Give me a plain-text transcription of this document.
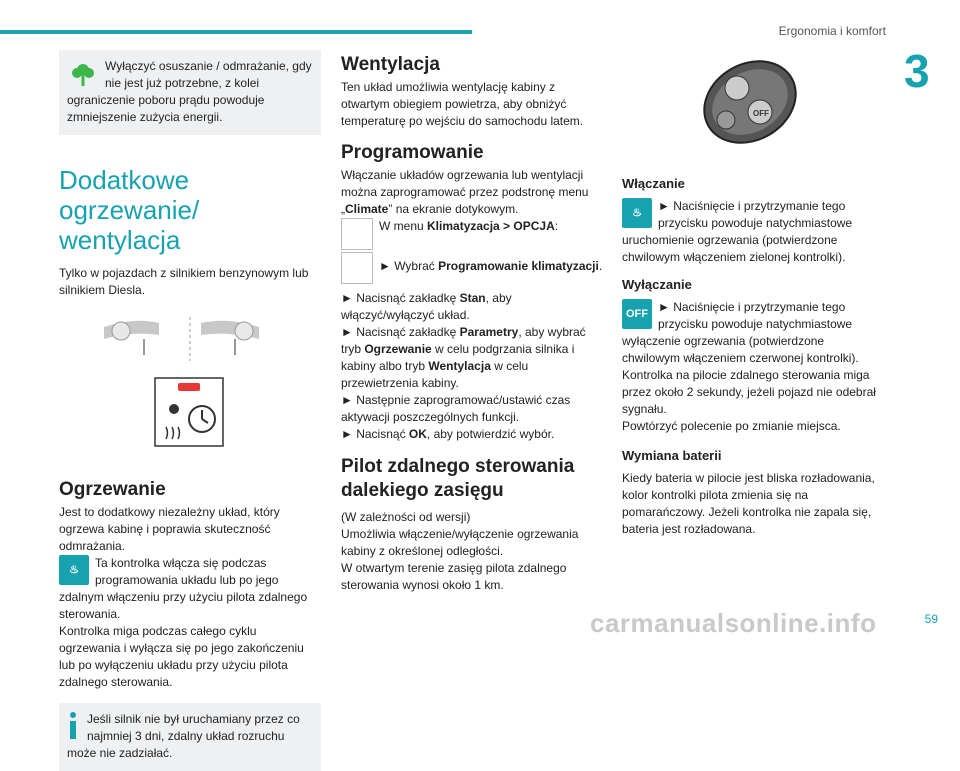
Ergonomia i komfort
3

Wyłączyć osuszanie / odmrażanie, gdy nie jest już potrzebne, z kolei ograniczenie poboru prądu powoduje zmniejszenie zużycia energii.

Dodatkowe ogrzewanie/ wentylacja

Tylko w pojazdach z silnikiem benzynowym lub silnikiem Diesla.

Ogrzewanie

Jest to dodatkowy niezależny układ, który ogrzewa kabinę i poprawia skuteczność odmrażania.

♨	Ta kontrolka włącza się podczas programowania układu lub po jego zdalnym włączeniu przy użyciu pilota zdalnego sterowania.

Kontrolka miga podczas całego cyklu ogrzewania i wyłącza się po jego zakończeniu lub po wyłączeniu układu przy użyciu pilota zdalnego sterowania.

Jeśli silnik nie był uruchamiany przez co najmniej 3 dni, zdalny układ rozruchu może nie zadziałać.

Wentylacja

Ten układ umożliwia wentylację kabiny z otwartym obiegiem powietrza, aby obniżyć temperaturę po wejściu do samochodu latem.

Programowanie

Włączanie układów ogrzewania lub wentylacji można zaprogramować przez podstronę menu „Climate” na ekranie dotykowym.

W menu Klimatyzacja > OPCJA:

► Wybrać Programowanie klimatyzacji.

► Nacisnąć zakładkę Stan, aby włączyć/wyłączyć układ.

► Nacisnąć zakładkę Parametry, aby wybrać tryb Ogrzewanie w celu podgrzania silnika i kabiny albo tryb Wentylacja w celu przewietrzenia kabiny.

► Następnie zaprogramować/ustawić czas aktywacji poszczególnych funkcji.

► Nacisnąć OK, aby potwierdzić wybór.

Pilot zdalnego sterowania dalekiego zasięgu

(W zależności od wersji)

Umożliwia włączenie/wyłączenie ogrzewania kabiny z określonej odległości.

W otwartym terenie zasięg pilota zdalnego sterowania wynosi około 1 km.

OFF
Włączanie
♨	► Naciśnięcie i przytrzymanie tego przycisku powoduje natychmiastowe uruchomienie ogrzewania (potwierdzone chwilowym włączeniem zielonej kontrolki).

Wyłączanie
OFF ► Naciśnięcie i przytrzymanie tego przycisku powoduje natychmiastowe wyłączenie ogrzewania (potwierdzone chwilowym włączeniem czerwonej kontrolki).

Kontrolka na pilocie zdalnego sterowania miga przez około 2 sekundy, jeżeli pojazd nie odebrał sygnału.

Powtórzyć polecenie po zmianie miejsca.

Wymiana baterii

Kiedy bateria w pilocie jest bliska rozładowania, kolor kontrolki pilota zmienia się na pomarańczowy. Jeżeli kontrolka nie zapala się, bateria jest rozładowana.

carmanualsonline.info	59
